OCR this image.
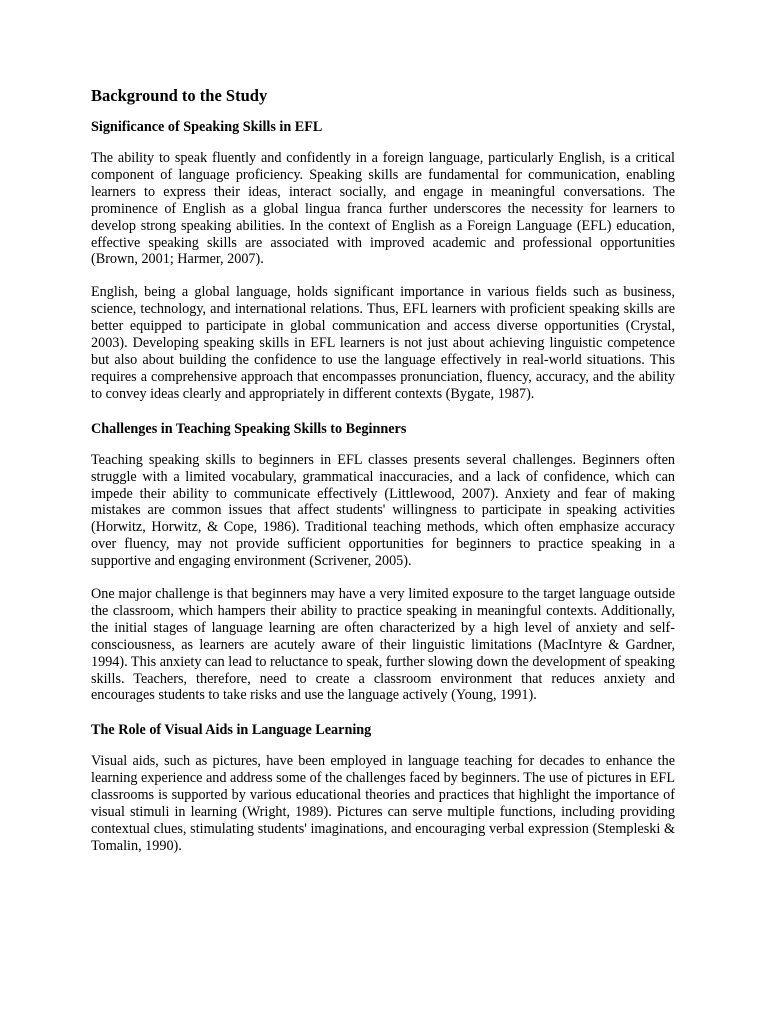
Background to the Study
Significance of Speaking Skills in EFL

The ability to speak fluently and confidently in a foreign language, particularly English, is a critical component of language proficiency. Speaking skills are fundamental for communication, enabling learners to express their ideas, interact socially, and engage in meaningful conversations. The prominence of English as a global lingua franca further underscores the necessity for learners to develop strong speaking abilities. In the context of English as a Foreign Language (EFL) education, effective speaking skills are associated with improved academic and professional opportunities (Brown, 2001; Harmer, 2007).

English, being a global language, holds significant importance in various fields such as business, science, technology, and international relations. Thus, EFL learners with proficient speaking skills are better equipped to participate in global communication and access diverse opportunities (Crystal, 2003). Developing speaking skills in EFL learners is not just about achieving linguistic competence but also about building the confidence to use the language effectively in real-world situations. This requires a comprehensive approach that encompasses pronunciation, fluency, accuracy, and the ability to convey ideas clearly and appropriately in different contexts (Bygate, 1987).

Challenges in Teaching Speaking Skills to Beginners

Teaching speaking skills to beginners in EFL classes presents several challenges. Beginners often struggle with a limited vocabulary, grammatical inaccuracies, and a lack of confidence, which can impede their ability to communicate effectively (Littlewood, 2007). Anxiety and fear of making mistakes are common issues that affect students' willingness to participate in speaking activities (Horwitz, Horwitz, & Cope, 1986). Traditional teaching methods, which often emphasize accuracy over fluency, may not provide sufficient opportunities for beginners to practice speaking in a supportive and engaging environment (Scrivener, 2005).

One major challenge is that beginners may have a very limited exposure to the target language outside the classroom, which hampers their ability to practice speaking in meaningful contexts. Additionally, the initial stages of language learning are often characterized by a high level of anxiety and self-consciousness, as learners are acutely aware of their linguistic limitations (MacIntyre & Gardner, 1994). This anxiety can lead to reluctance to speak, further slowing down the development of speaking skills. Teachers, therefore, need to create a classroom environment that reduces anxiety and encourages students to take risks and use the language actively (Young, 1991).

The Role of Visual Aids in Language Learning

Visual aids, such as pictures, have been employed in language teaching for decades to enhance the learning experience and address some of the challenges faced by beginners. The use of pictures in EFL classrooms is supported by various educational theories and practices that highlight the importance of visual stimuli in learning (Wright, 1989). Pictures can serve multiple functions, including providing contextual clues, stimulating students' imaginations, and encouraging verbal expression (Stempleski & Tomalin, 1990).
